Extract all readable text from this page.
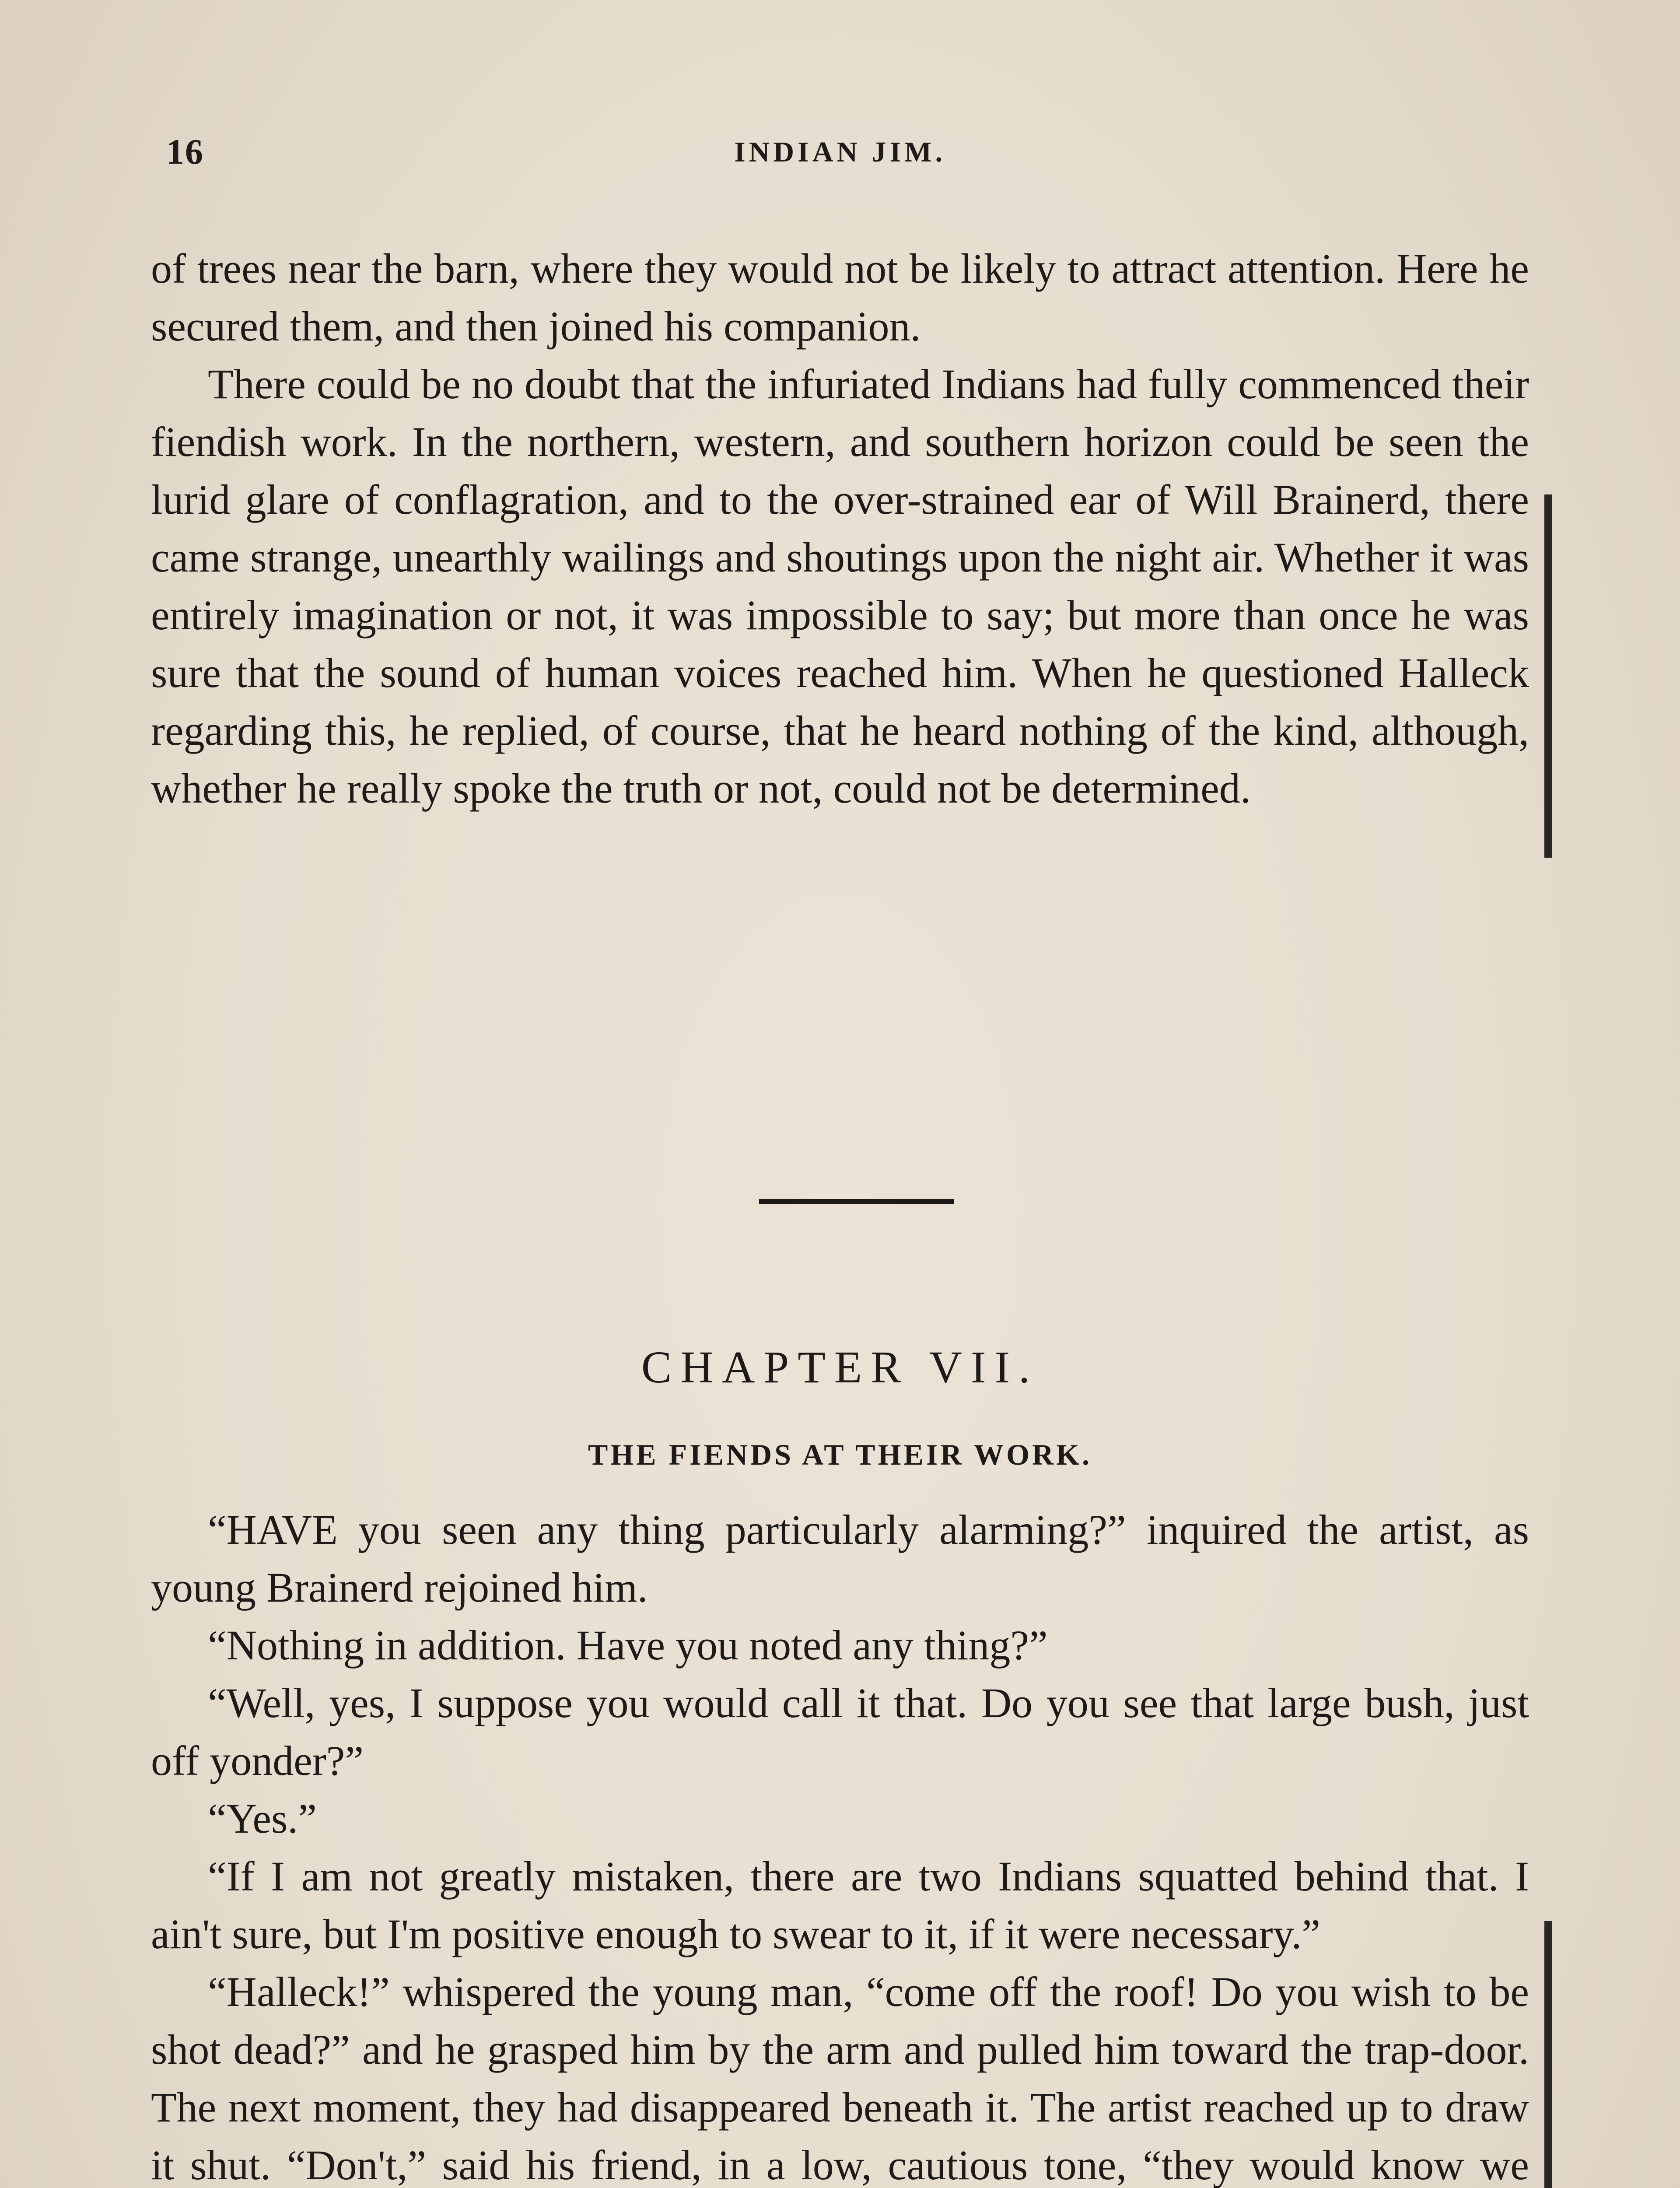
16	INDIAN JIM.

of trees near the barn, where they would not be likely to attract attention. Here he secured them, and then joined his companion.

There could be no doubt that the infuriated Indians had fully commenced their fiendish work. In the northern, western, and southern horizon could be seen the lurid glare of conflagration, and to the over-strained ear of Will Brainerd, there came strange, unearthly wailings and shoutings upon the night air. Whether it was entirely imagination or not, it was impossible to say; but more than once he was sure that the sound of human voices reached him. When he questioned Halleck regarding this, he replied, of course, that he heard nothing of the kind, although, whether he really spoke the truth or not, could not be determined.

CHAPTER VII.
THE FIENDS AT THEIR WORK.

“HAVE you seen any thing particularly alarming?” inquired the artist, as young Brainerd rejoined him.

“Nothing in addition. Have you noted any thing?”

“Well, yes, I suppose you would call it that. Do you see that large bush, just off yonder?”

“Yes.”

“If I am not greatly mistaken, there are two Indians squatted behind that. I ain't sure, but I'm positive enough to swear to it, if it were necessary.”

“Halleck!” whispered the young man, “come off the roof! Do you wish to be shot dead?” and he grasped him by the arm and pulled him toward the trap-door. The next moment, they had disappeared beneath it. The artist reached up to draw it shut. “Don't,” said his friend, in a low, cautious tone, “they would know we
